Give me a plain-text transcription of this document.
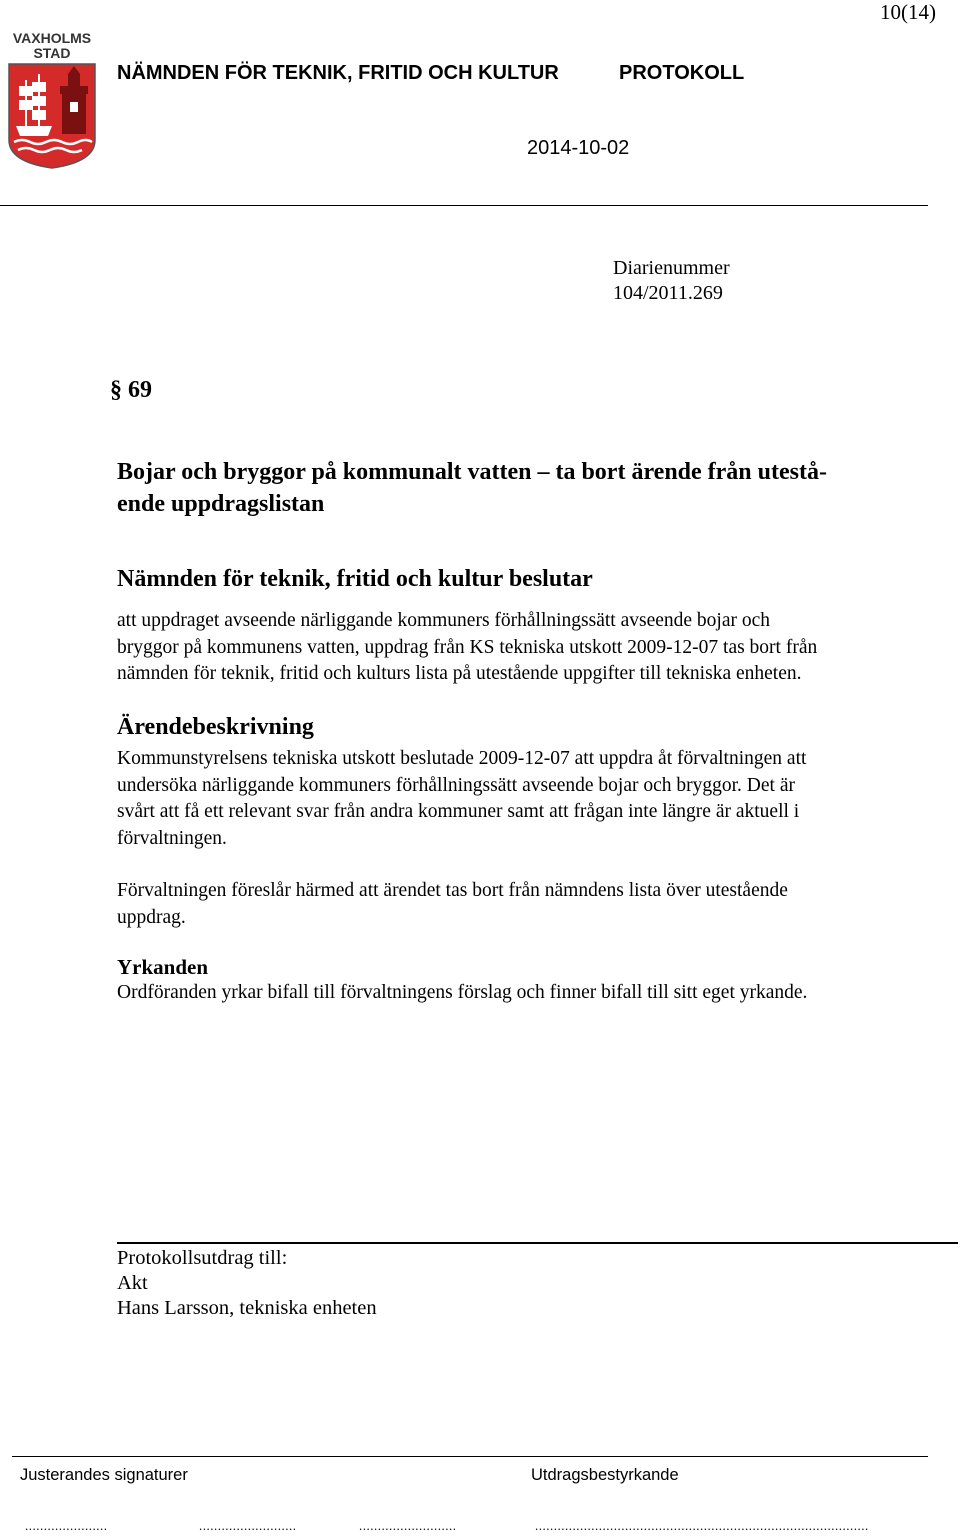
10(14)
VAXHOLMS
STAD
NÄMNDEN FÖR TEKNIK, FRITID OCH KULTUR	PROTOKOLL
2014-10-02
Diarienummer
104/2011.269
§ 69
Bojar och bryggor på kommunalt vatten – ta bort ärende från utestå-
ende uppdragslistan
Nämnden för teknik, fritid och kultur beslutar
att uppdraget avseende närliggande kommuners förhållningssätt avseende bojar och
bryggor på kommunens vatten, uppdrag från KS tekniska utskott 2009-12-07 tas bort från
nämnden för teknik, fritid och kulturs lista på utestående uppgifter till tekniska enheten.
Ärendebeskrivning
Kommunstyrelsens tekniska utskott beslutade 2009-12-07 att uppdra åt förvaltningen att
undersöka närliggande kommuners förhållningssätt avseende bojar och bryggor. Det är
svårt att få ett relevant svar från andra kommuner samt att frågan inte längre är aktuell i
förvaltningen.
Förvaltningen föreslår härmed att ärendet tas bort från nämndens lista över utestående
uppdrag.
Yrkanden
Ordföranden yrkar bifall till förvaltningens förslag och finner bifall till sitt eget yrkande.
Protokollsutdrag till:
Akt
Hans Larsson, tekniska enheten
Justerandes signaturer	Utdragsbestyrkande
......................	..........................	..........................	.........................................................................................
